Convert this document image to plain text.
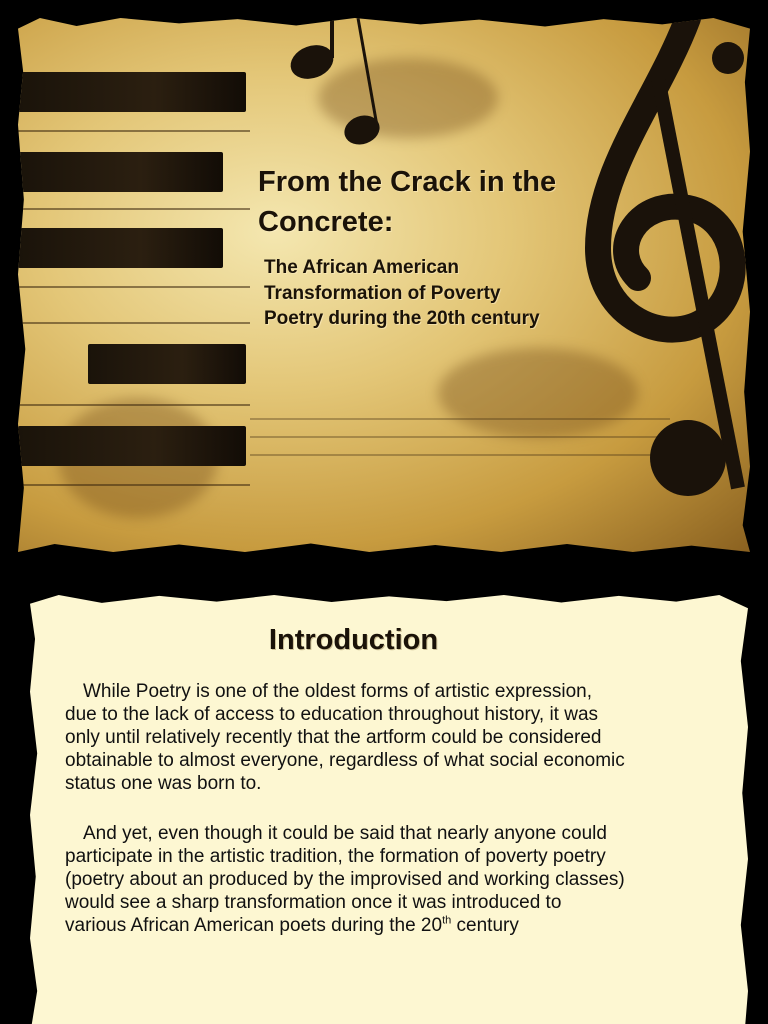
From the Crack in the Concrete:
The African American Transformation of Poverty Poetry during the 20th century
Introduction

While Poetry is one of the oldest forms of artistic expression, due to the lack of access to education throughout history, it was only until relatively recently that the artform could be considered obtainable to almost everyone, regardless of what social economic status one was born to.

And yet, even though it could be said that nearly anyone could participate in the artistic tradition, the formation of poverty poetry (poetry about an produced by the improvised and working classes) would see a sharp transformation once it was introduced to various African American poets during the 20th century
